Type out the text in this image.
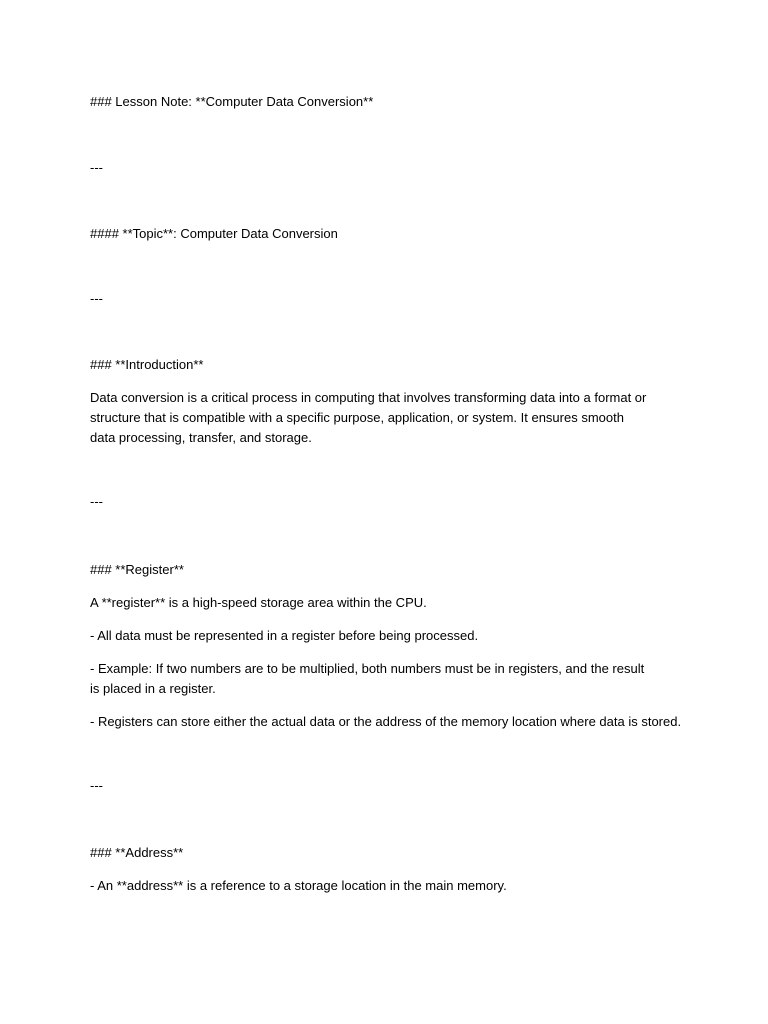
### Lesson Note: **Computer Data Conversion**
---
#### **Topic**: Computer Data Conversion
---
### **Introduction**
Data conversion is a critical process in computing that involves transforming data into a format or structure that is compatible with a specific purpose, application, or system. It ensures smooth data processing, transfer, and storage.
---
### **Register**
A **register** is a high-speed storage area within the CPU.
- All data must be represented in a register before being processed.
- Example: If two numbers are to be multiplied, both numbers must be in registers, and the result is placed in a register.
- Registers can store either the actual data or the address of the memory location where data is stored.
---
### **Address**
- An **address** is a reference to a storage location in the main memory.
